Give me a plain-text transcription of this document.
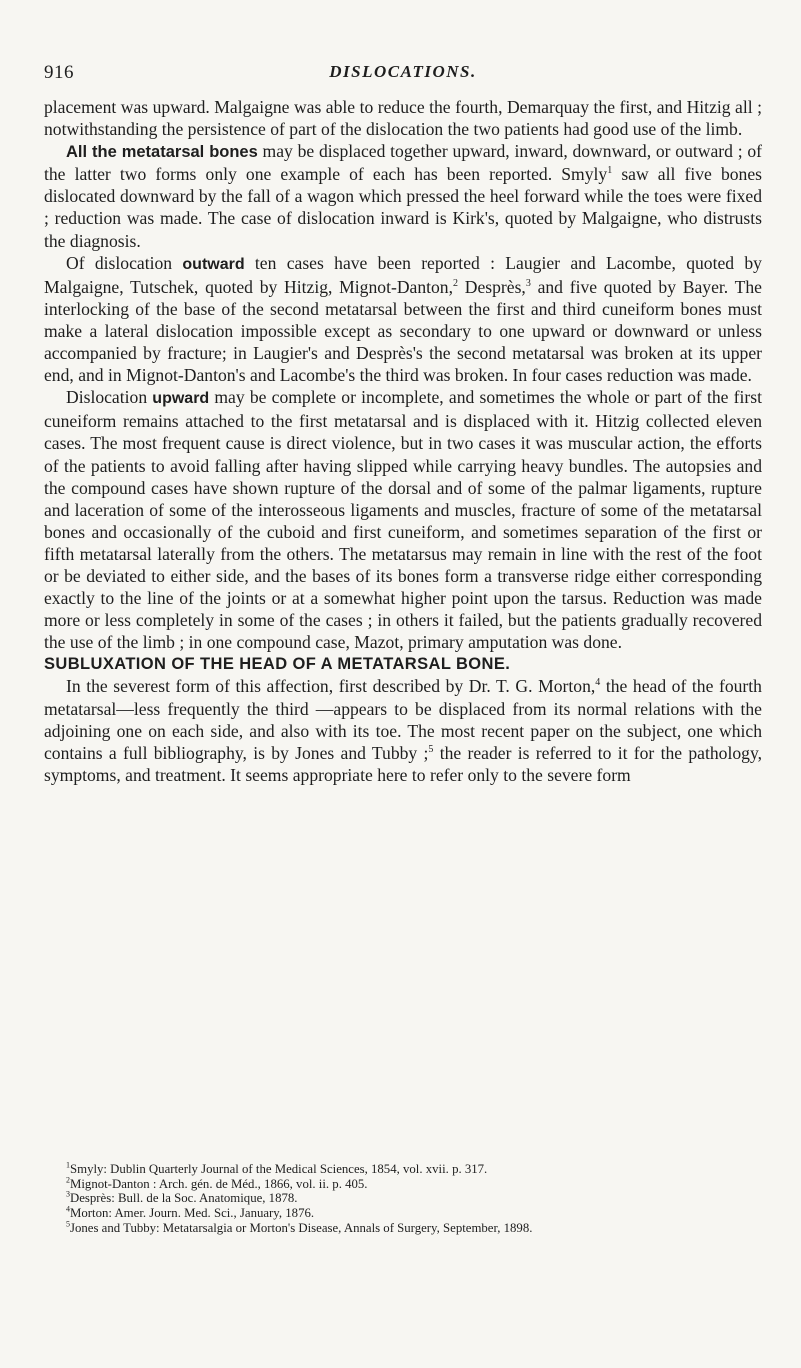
916	DISLOCATIONS.

placement was upward. Malgaigne was able to reduce the fourth, Demarquay the first, and Hitzig all ; notwithstanding the persistence of part of the dislocation the two patients had good use of the limb.

All the metatarsal bones may be displaced together upward, inward, downward, or outward ; of the latter two forms only one example of each has been reported. Smyly$^1$ saw all five bones dislocated downward by the fall of a wagon which pressed the heel forward while the toes were fixed ; reduction was made. The case of dislocation inward is Kirk's, quoted by Malgaigne, who distrusts the diagnosis.

Of dislocation outward ten cases have been reported : Laugier and Lacombe, quoted by Malgaigne, Tutschek, quoted by Hitzig, Mignot-Danton,$^2$ Desprès,$^3$ and five quoted by Bayer. The interlocking of the base of the second metatarsal between the first and third cuneiform bones must make a lateral dislocation impossible except as secondary to one upward or downward or unless accompanied by fracture; in Laugier's and Desprès's the second metatarsal was broken at its upper end, and in Mignot-Danton's and Lacombe's the third was broken. In four cases reduction was made.

Dislocation upward may be complete or incomplete, and sometimes the whole or part of the first cuneiform remains attached to the first metatarsal and is displaced with it. Hitzig collected eleven cases. The most frequent cause is direct violence, but in two cases it was muscular action, the efforts of the patients to avoid falling after having slipped while carrying heavy bundles. The autopsies and the compound cases have shown rupture of the dorsal and of some of the palmar ligaments, rupture and laceration of some of the interosseous ligaments and muscles, fracture of some of the metatarsal bones and occasionally of the cuboid and first cuneiform, and sometimes separation of the first or fifth metatarsal laterally from the others. The metatarsus may remain in line with the rest of the foot or be deviated to either side, and the bases of its bones form a transverse ridge either corresponding exactly to the line of the joints or at a somewhat higher point upon the tarsus. Reduction was made more or less completely in some of the cases ; in others it failed, but the patients gradually recovered the use of the limb ; in one compound case, Mazot, primary amputation was done.

SUBLUXATION OF THE HEAD OF A METATARSAL BONE.

In the severest form of this affection, first described by Dr. T. G. Morton,$^4$ the head of the fourth metatarsal—less frequently the third —appears to be displaced from its normal relations with the adjoining one on each side, and also with its toe. The most recent paper on the subject, one which contains a full bibliography, is by Jones and Tubby ;$^5$ the reader is referred to it for the pathology, symptoms, and treatment. It seems appropriate here to refer only to the severe form

$^1$Smyly: Dublin Quarterly Journal of the Medical Sciences, 1854, vol. xvii. p. 317.

$^2$Mignot-Danton : Arch. gén. de Méd., 1866, vol. ii. p. 405.

$^3$Desprès: Bull. de la Soc. Anatomique, 1878.

$^4$Morton: Amer. Journ. Med. Sci., January, 1876.

$^5$Jones and Tubby: Metatarsalgia or Morton's Disease, Annals of Surgery, September, 1898.
